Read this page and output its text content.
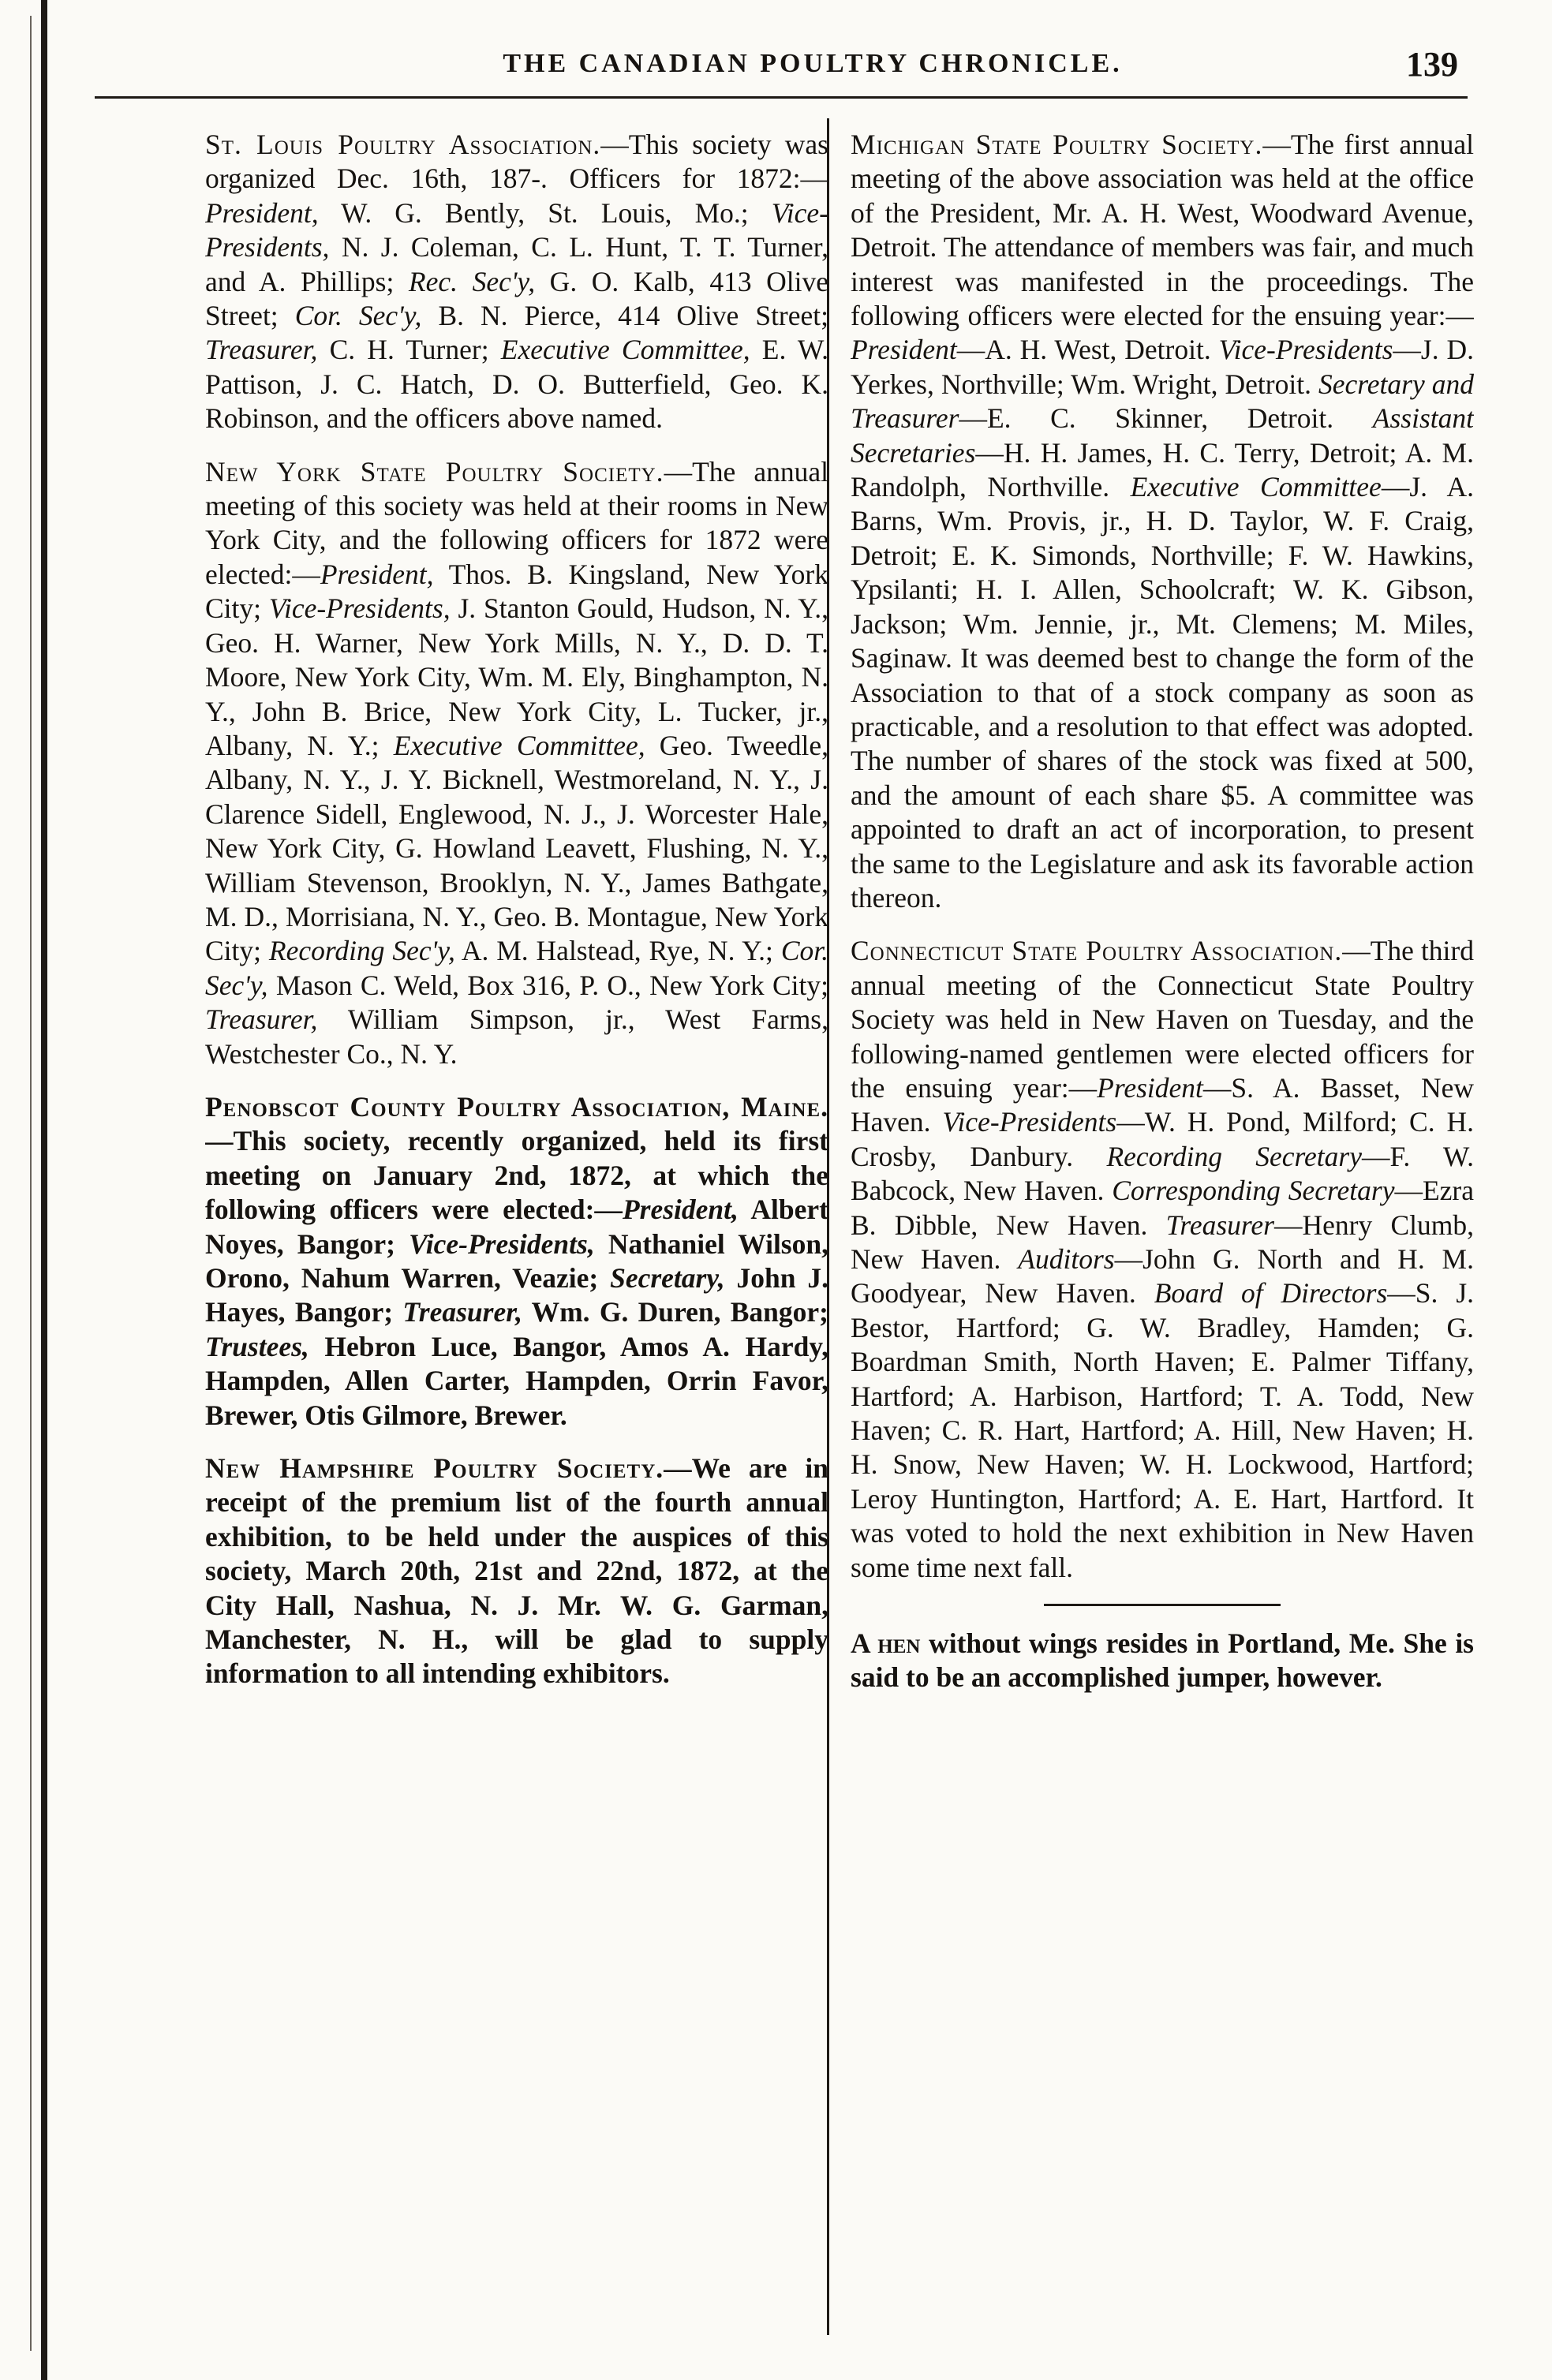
THE CANADIAN POULTRY CHRONICLE.	139

St. Louis Poultry Association.—This society was organized Dec. 16th, 187-. Officers for 1872:—President, W. G. Bently, St. Louis, Mo.; Vice-Presidents, N. J. Coleman, C. L. Hunt, T. T. Turner, and A. Phillips; Rec. Sec'y, G. O. Kalb, 413 Olive Street; Cor. Sec'y, B. N. Pierce, 414 Olive Street; Treasurer, C. H. Turner; Executive Committee, E. W. Pattison, J. C. Hatch, D. O. Butterfield, Geo. K. Robinson, and the officers above named.

New York State Poultry Society.—The annual meeting of this society was held at their rooms in New York City, and the following officers for 1872 were elected:—President, Thos. B. Kingsland, New York City; Vice-Presidents, J. Stanton Gould, Hudson, N. Y., Geo. H. Warner, New York Mills, N. Y., D. D. T. Moore, New York City, Wm. M. Ely, Binghampton, N. Y., John B. Brice, New York City, L. Tucker, jr., Albany, N. Y.; Executive Committee, Geo. Tweedle, Albany, N. Y., J. Y. Bicknell, Westmoreland, N. Y., J. Clarence Sidell, Englewood, N. J., J. Worcester Hale, New York City, G. Howland Leavett, Flushing, N. Y., William Stevenson, Brooklyn, N. Y., James Bathgate, M. D., Morrisiana, N. Y., Geo. B. Montague, New York City; Recording Sec'y, A. M. Halstead, Rye, N. Y.; Cor. Sec'y, Mason C. Weld, Box 316, P. O., New York City; Treasurer, William Simpson, jr., West Farms, Westchester Co., N. Y.

Penobscot County Poultry Association, Maine.—This society, recently organized, held its first meeting on January 2nd, 1872, at which the following officers were elected:—President, Albert Noyes, Bangor; Vice-Presidents, Nathaniel Wilson, Orono, Nahum Warren, Veazie; Secretary, John J. Hayes, Bangor; Treasurer, Wm. G. Duren, Bangor; Trustees, Hebron Luce, Bangor, Amos A. Hardy, Hampden, Allen Carter, Hampden, Orrin Favor, Brewer, Otis Gilmore, Brewer.

New Hampshire Poultry Society.—We are in receipt of the premium list of the fourth annual exhibition, to be held under the auspices of this society, March 20th, 21st and 22nd, 1872, at the City Hall, Nashua, N. J. Mr. W. G. Garman, Manchester, N. H., will be glad to supply information to all intending exhibitors.

Michigan State Poultry Society.—The first annual meeting of the above association was held at the office of the President, Mr. A. H. West, Woodward Avenue, Detroit. The attendance of members was fair, and much interest was manifested in the proceedings. The following officers were elected for the ensuing year:—President—A. H. West, Detroit. Vice-Presidents—J. D. Yerkes, Northville; Wm. Wright, Detroit. Secretary and Treasurer—E. C. Skinner, Detroit. Assistant Secretaries—H. H. James, H. C. Terry, Detroit; A. M. Randolph, Northville. Executive Committee—J. A. Barns, Wm. Provis, jr., H. D. Taylor, W. F. Craig, Detroit; E. K. Simonds, Northville; F. W. Hawkins, Ypsilanti; H. I. Allen, Schoolcraft; W. K. Gibson, Jackson; Wm. Jennie, jr., Mt. Clemens; M. Miles, Saginaw. It was deemed best to change the form of the Association to that of a stock company as soon as practicable, and a resolution to that effect was adopted. The number of shares of the stock was fixed at 500, and the amount of each share $5. A committee was appointed to draft an act of incorporation, to present the same to the Legislature and ask its favorable action thereon.

Connecticut State Poultry Association.—The third annual meeting of the Connecticut State Poultry Society was held in New Haven on Tuesday, and the following-named gentlemen were elected officers for the ensuing year:—President—S. A. Basset, New Haven. Vice-Presidents—W. H. Pond, Milford; C. H. Crosby, Danbury. Recording Secretary—F. W. Babcock, New Haven. Corresponding Secretary—Ezra B. Dibble, New Haven. Treasurer—Henry Clumb, New Haven. Auditors—John G. North and H. M. Goodyear, New Haven. Board of Directors—S. J. Bestor, Hartford; G. W. Bradley, Hamden; G. Boardman Smith, North Haven; E. Palmer Tiffany, Hartford; A. Harbison, Hartford; T. A. Todd, New Haven; C. R. Hart, Hartford; A. Hill, New Haven; H. H. Snow, New Haven; W. H. Lockwood, Hartford; Leroy Huntington, Hartford; A. E. Hart, Hartford. It was voted to hold the next exhibition in New Haven some time next fall.

A hen without wings resides in Portland, Me. She is said to be an accomplished jumper, however.
